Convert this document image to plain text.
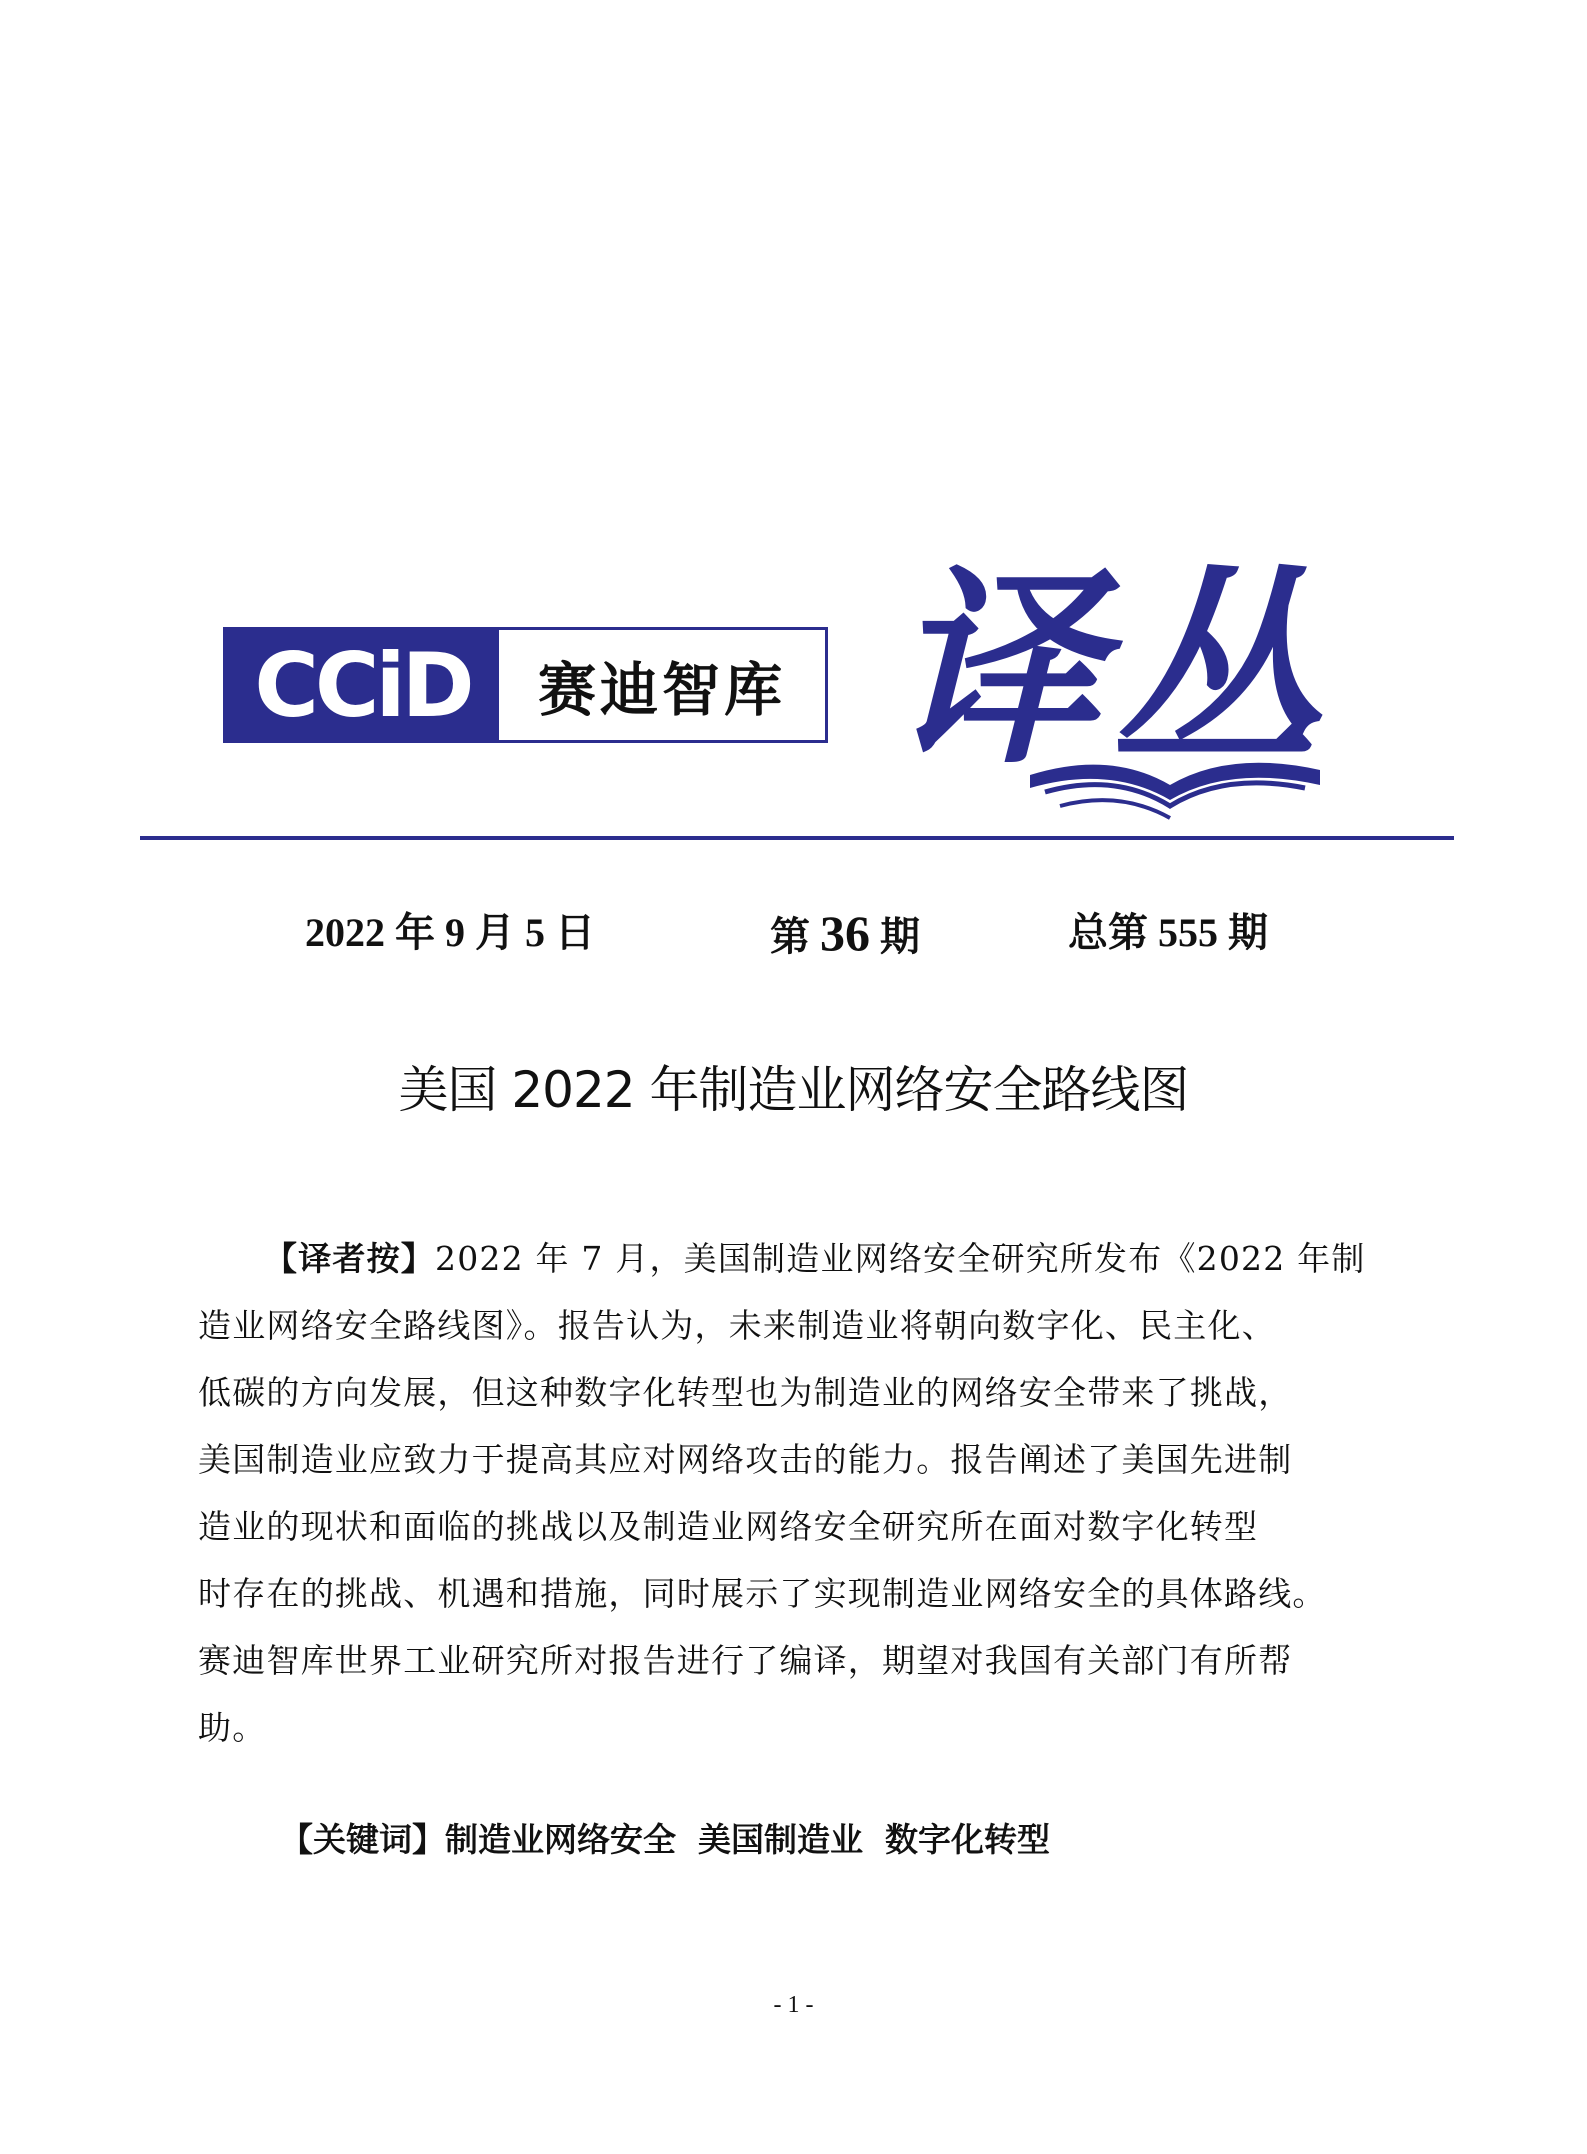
CCiD	赛迪智库 译丛
2022 年 9 月 5 日	第 36 期	总第 555 期
美国 2022 年制造业网络安全路线图
【译者按】2022 年 7 月，美国制造业网络安全研究所发布《2022 年制
造业网络安全路线图》。报告认为，未来制造业将朝向数字化、民主化、
低碳的方向发展，但这种数字化转型也为制造业的网络安全带来了挑战，
美国制造业应致力于提高其应对网络攻击的能力。报告阐述了美国先进制
造业的现状和面临的挑战以及制造业网络安全研究所在面对数字化转型
时存在的挑战、机遇和措施，同时展示了实现制造业网络安全的具体路线。
赛迪智库世界工业研究所对报告进行了编译，期望对我国有关部门有所帮
助。
【关键词】制造业网络安全 美国制造业 数字化转型
- 1 -
